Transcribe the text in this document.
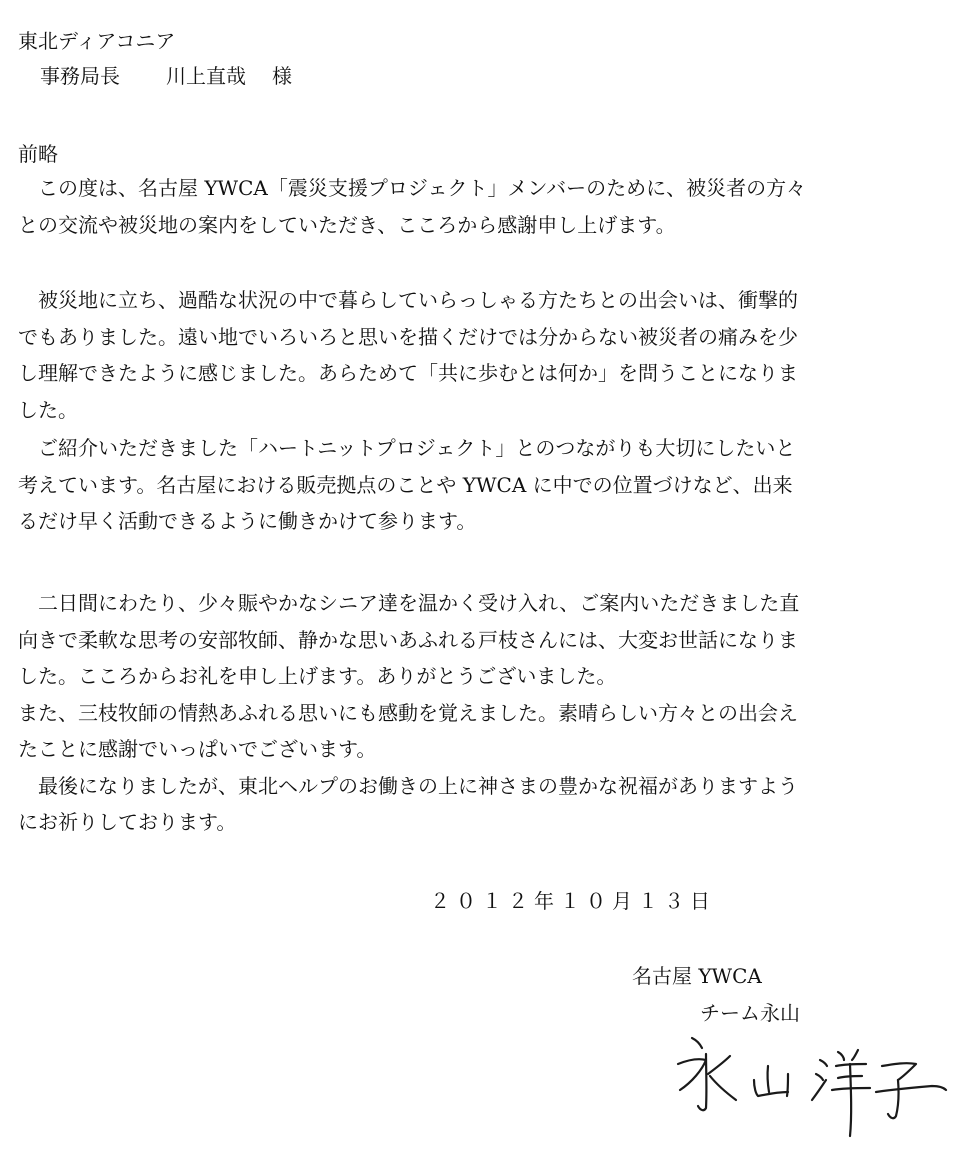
東北ディアコニア
事務局長 川上直哉 様
前略
この度は、名古屋 YWCA「震災支援プロジェクト」メンバーのために、被災者の方々
との交流や被災地の案内をしていただき、こころから感謝申し上げます。
被災地に立ち、過酷な状況の中で暮らしていらっしゃる方たちとの出会いは、衝撃的
でもありました。遠い地でいろいろと思いを描くだけでは分からない被災者の痛みを少
し理解できたように感じました。あらためて「共に歩むとは何か」を問うことになりま
した。
ご紹介いただきました「ハートニットプロジェクト」とのつながりも大切にしたいと
考えています。名古屋における販売拠点のことや YWCA に中での位置づけなど、出来
るだけ早く活動できるように働きかけて参ります。
二日間にわたり、少々賑やかなシニア達を温かく受け入れ、ご案内いただきました直
向きで柔軟な思考の安部牧師、静かな思いあふれる戸枝さんには、大変お世話になりま
した。こころからお礼を申し上げます。ありがとうございました。
また、三枝牧師の情熱あふれる思いにも感動を覚えました。素晴らしい方々との出会え
たことに感謝でいっぱいでございます。
最後になりましたが、東北ヘルプのお働きの上に神さまの豊かな祝福がありますよう
にお祈りしております。
２０１２年１０月１３日
名古屋 YWCA
チーム永山
